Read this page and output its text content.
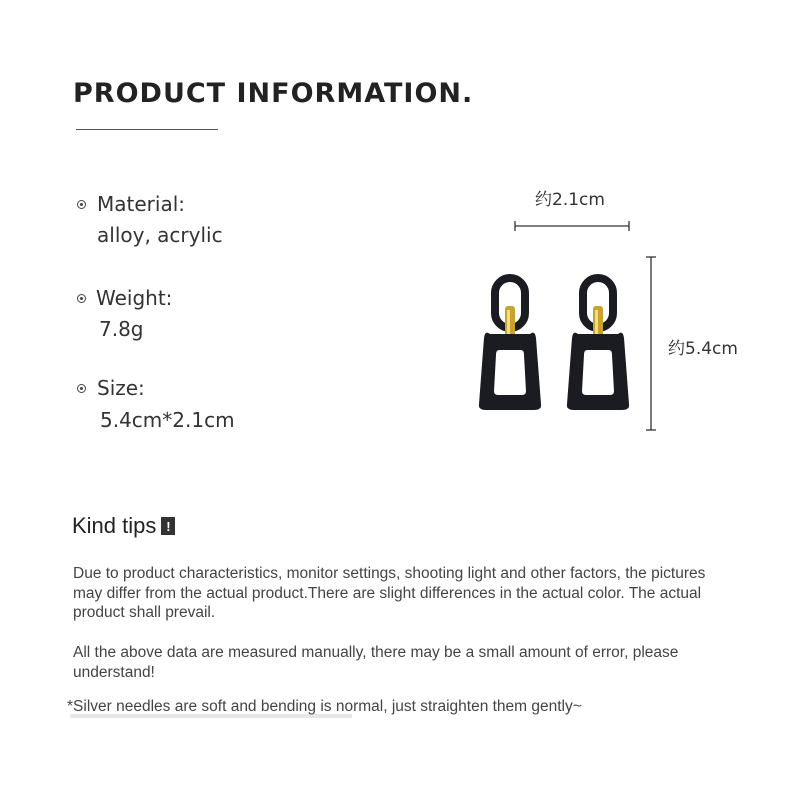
PRODUCT INFORMATION.
Material:
alloy, acrylic
Weight:
7.8g
Size:
5.4cm*2.1cm
约2.1cm
约5.4cm
Kind tips !
Due to product characteristics, monitor settings, shooting light and other factors, the pictures may differ from the actual product.There are slight differences in the actual color. The actual product shall prevail.
All the above data are measured manually, there may be a small amount of error, please understand!
*Silver needles are soft and bending is normal, just straighten them gently~
